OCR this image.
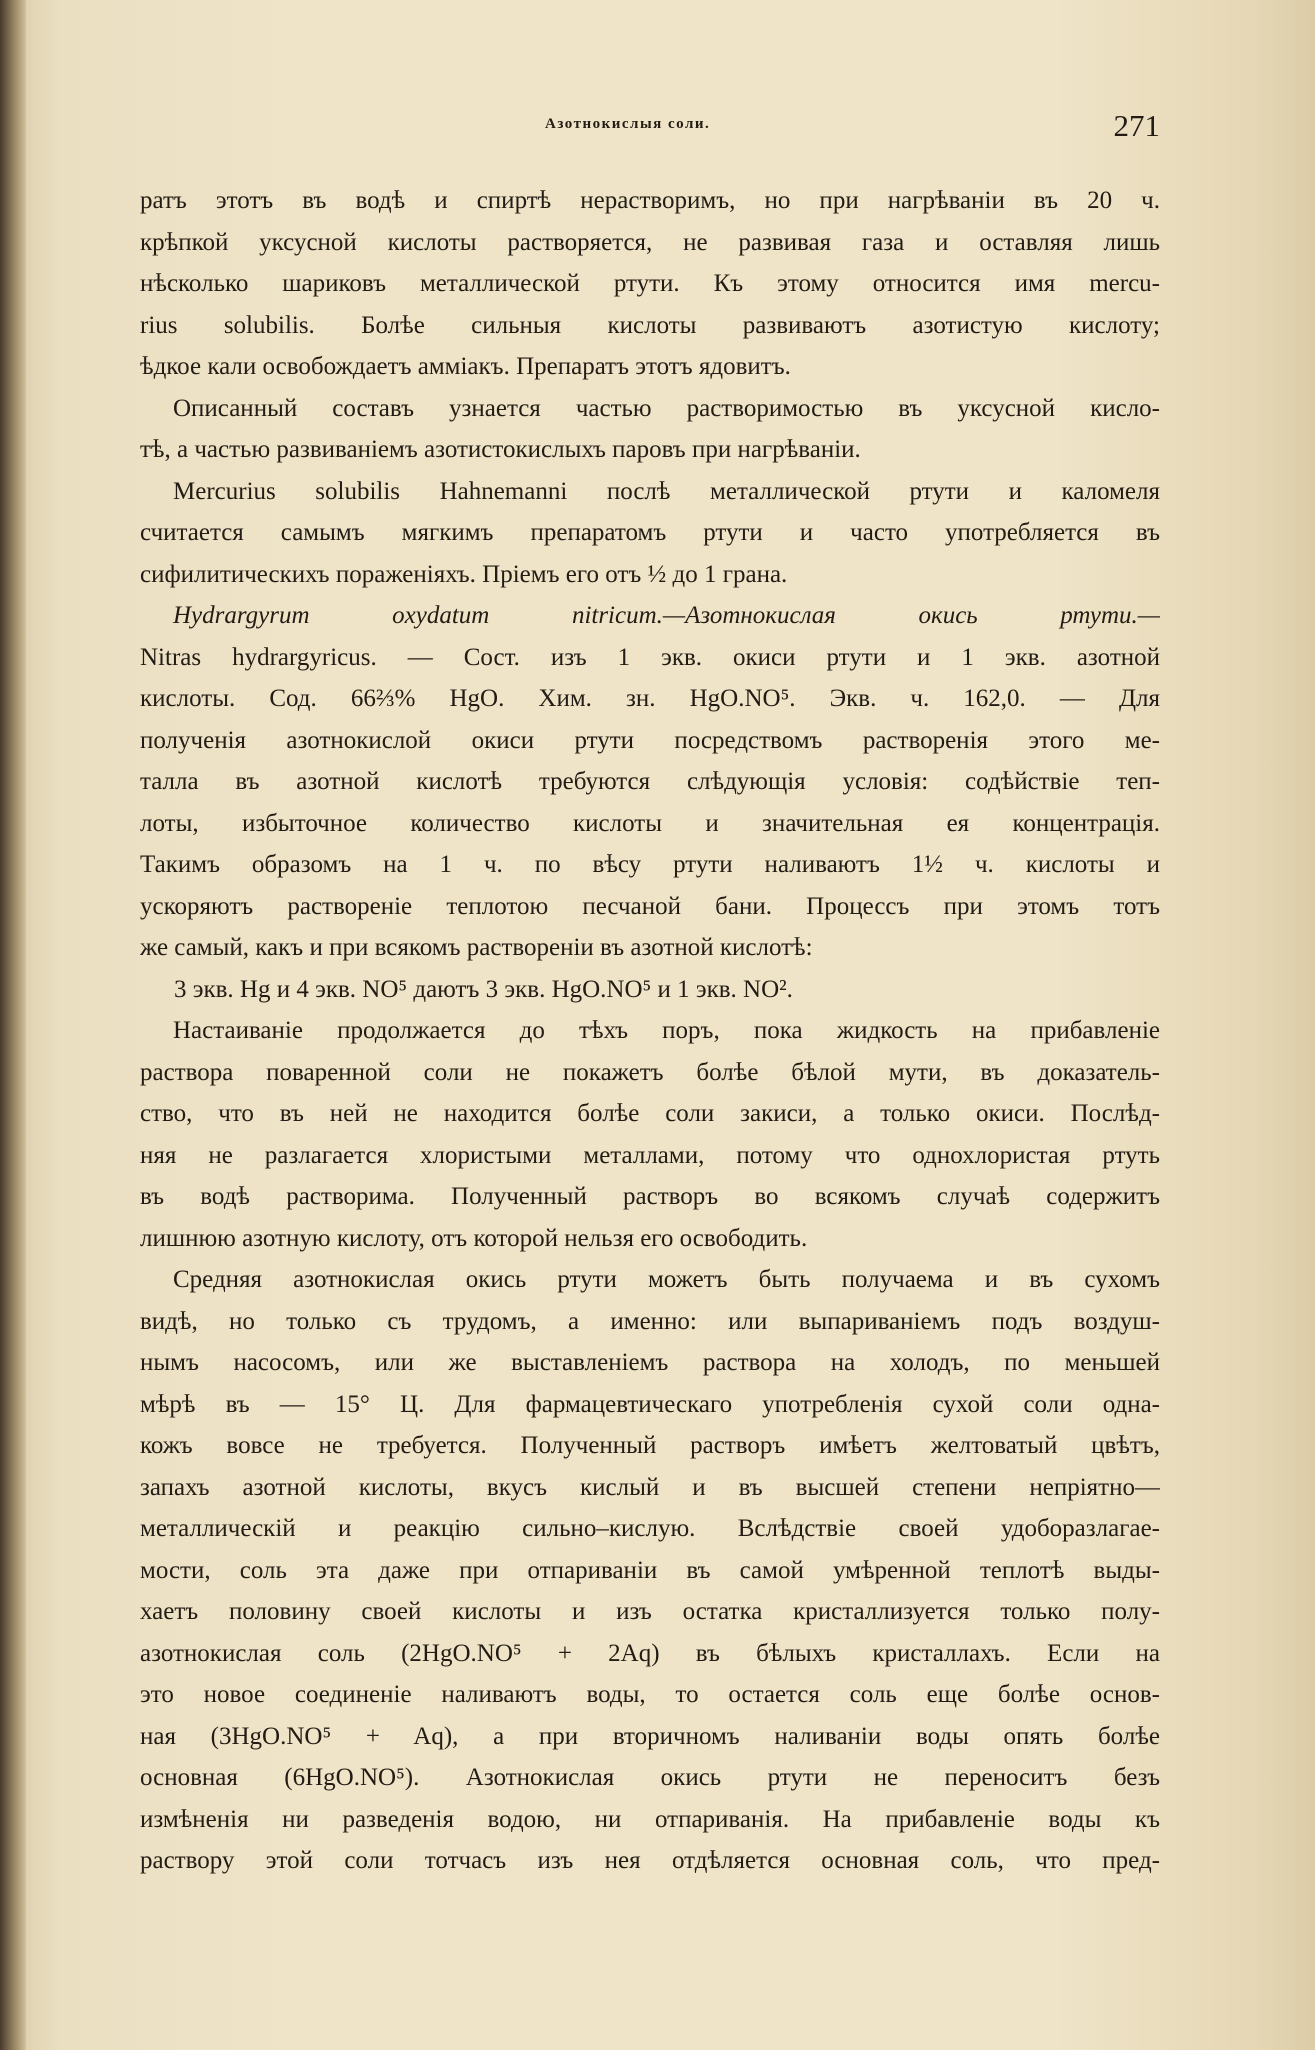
Азотнокислыя соли.	271
ратъ этотъ въ водѣ и спиртѣ нерастворимъ, но при нагрѣваніи въ 20 ч.
крѣпкой уксусной кислоты растворяется, не развивая газа и оставляя лишь
нѣсколько шариковъ металлической ртути. Къ этому относится имя mercu-
rius solubilis. Болѣе сильныя кислоты развиваютъ азотистую кислоту;
ѣдкое кали освобождаетъ амміакъ. Препаратъ этотъ ядовитъ.
Описанный составъ узнается частью растворимостью въ уксусной кисло-
тѣ, а частью развиваніемъ азотистокислыхъ паровъ при нагрѣваніи.
Mercurius solubilis Hahnemanni послѣ металлической ртути и каломеля
считается самымъ мягкимъ препаратомъ ртути и часто употребляется въ
сифилитическихъ пораженіяхъ. Пріемъ его отъ ½ до 1 грана.
Hydrargyrum oxydatum nitricum.—Азотнокислая окись ртути.—
Nitras hydrargyricus. — Сост. изъ 1 экв. окиси ртути и 1 экв. азотной
кислоты. Сод. 66⅔% HgO. Хим. зн. HgO.NO⁵. Экв. ч. 162,0. — Для
полученія азотнокислой окиси ртути посредствомъ растворенія этого ме-
талла въ азотной кислотѣ требуются слѣдующія условія: содѣйствіе теп-
лоты, избыточное количество кислоты и значительная ея концентрація.
Такимъ образомъ на 1 ч. по вѣсу ртути наливаютъ 1½ ч. кислоты и
ускоряютъ раствореніе теплотою песчаной бани. Процессъ при этомъ тотъ
же самый, какъ и при всякомъ раствореніи въ азотной кислотѣ:
3 экв. Hg и 4 экв. NO⁵ даютъ 3 экв. HgO.NO⁵ и 1 экв. NO².
Настаиваніе продолжается до тѣхъ поръ, пока жидкость на прибавленіе
раствора поваренной соли не покажетъ болѣе бѣлой мути, въ доказатель-
ство, что въ ней не находится болѣе соли закиси, а только окиси. Послѣд-
няя не разлагается хлористыми металлами, потому что однохлористая ртуть
въ водѣ растворима. Полученный растворъ во всякомъ случаѣ содержитъ
лишнюю азотную кислоту, отъ которой нельзя его освободить.
Средняя азотнокислая окись ртути можетъ быть получаема и въ сухомъ
видѣ, но только съ трудомъ, а именно: или выпариваніемъ подъ воздуш-
нымъ насосомъ, или же выставленіемъ раствора на холодъ, по меньшей
мѣрѣ въ — 15° Ц. Для фармацевтическаго употребленія сухой соли одна-
кожъ вовсе не требуется. Полученный растворъ имѣетъ желтоватый цвѣтъ,
запахъ азотной кислоты, вкусъ кислый и въ высшей степени непріятно—
металлическій и реакцію сильно–кислую. Вслѣдствіе своей удоборазлагае-
мости, соль эта даже при отпариваніи въ самой умѣренной теплотѣ выды-
хаетъ половину своей кислоты и изъ остатка кристаллизуется только полу-
азотнокислая соль (2HgO.NO⁵ + 2Aq) въ бѣлыхъ кристаллахъ. Если на
это новое соединеніе наливаютъ воды, то остается соль еще болѣе основ-
ная (3HgO.NO⁵ + Aq), а при вторичномъ наливаніи воды опять болѣе
основная (6HgO.NO⁵). Азотнокислая окись ртути не переноситъ безъ
измѣненія ни разведенія водою, ни отпариванія. На прибавленіе воды къ
раствору этой соли тотчасъ изъ нея отдѣляется основная соль, что пред-
